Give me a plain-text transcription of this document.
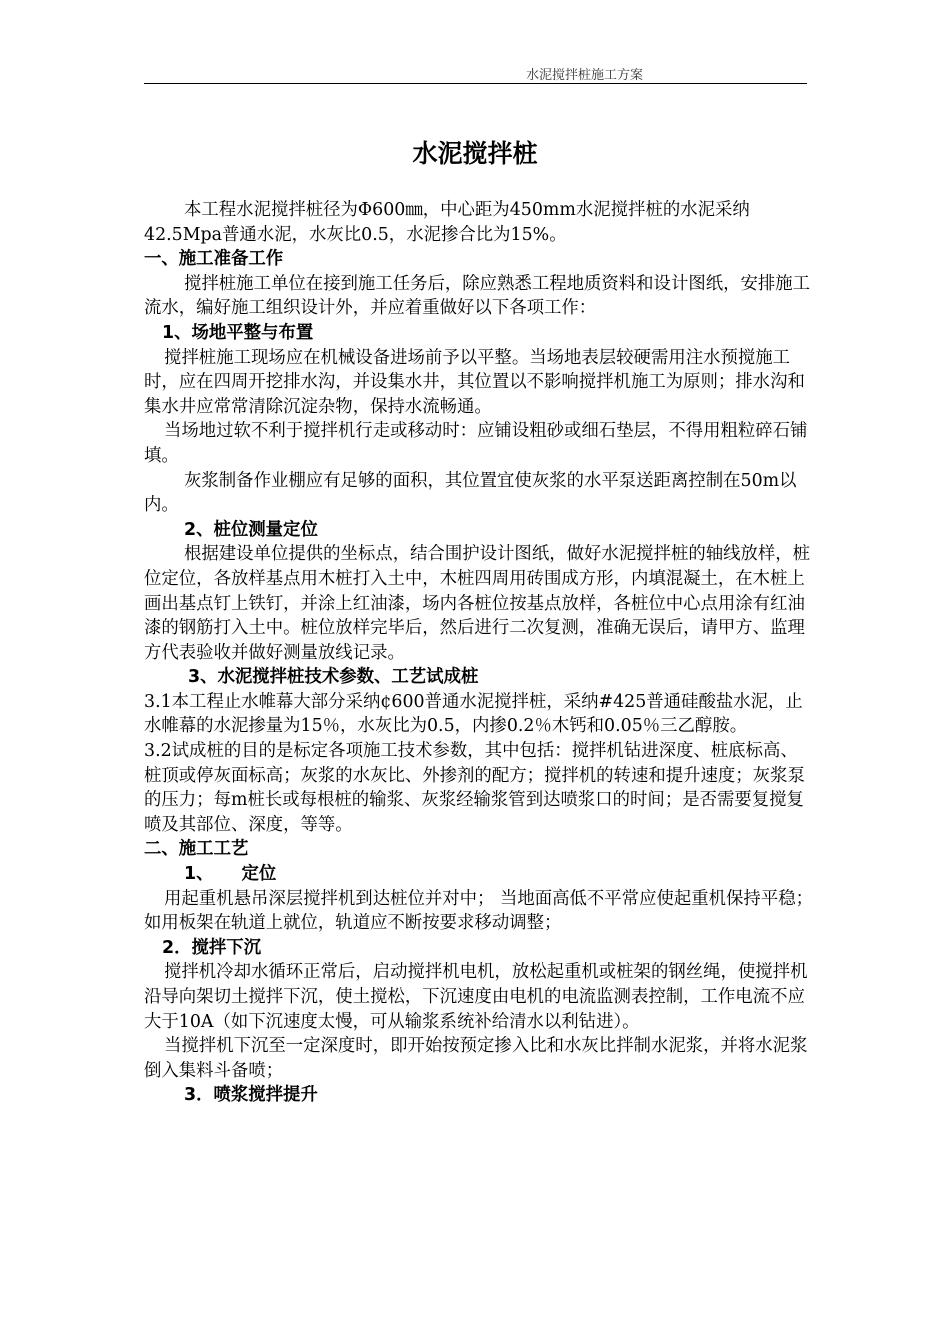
水泥搅拌桩施工方案
水泥搅拌桩

本工程水泥搅拌桩径为Φ600㎜，中心距为450mm水泥搅拌桩的水泥采纳42.5Mpa普通水泥，水灰比0.5，水泥掺合比为15%。

一、施工准备工作

搅拌桩施工单位在接到施工任务后，除应熟悉工程地质资料和设计图纸，安排施工流水，编好施工组织设计外，并应着重做好以下各项工作：

1、场地平整与布置

搅拌桩施工现场应在机械设备进场前予以平整。当场地表层较硬需用注水预搅施工时，应在四周开挖排水沟，并设集水井，其位置以不影响搅拌机施工为原则；排水沟和集水井应常常清除沉淀杂物，保持水流畅通。

当场地过软不利于搅拌机行走或移动时：应铺设粗砂或细石垫层，不得用粗粒碎石铺填。

灰浆制备作业棚应有足够的面积，其位置宜使灰浆的水平泵送距离控制在50m以内。

2、桩位测量定位

根据建设单位提供的坐标点，结合围护设计图纸，做好水泥搅拌桩的轴线放样，桩位定位，各放样基点用木桩打入土中，木桩四周用砖围成方形，内填混凝土，在木桩上画出基点钉上铁钉，并涂上红油漆，场内各桩位按基点放样，各桩位中心点用涂有红油漆的钢筋打入土中。桩位放样完毕后，然后进行二次复测，准确无误后，请甲方、监理方代表验收并做好测量放线记录。

3、水泥搅拌桩技术参数、工艺试成桩

3.1本工程止水帷幕大部分采纳¢600普通水泥搅拌桩，采纳#425普通硅酸盐水泥，止水帷幕的水泥掺量为15％，水灰比为0.5，内掺0.2％木钙和0.05％三乙醇胺。

3.2试成桩的目的是标定各项施工技术参数，其中包括：搅拌机钻进深度、桩底标高、桩顶或停灰面标高；灰浆的水灰比、外掺剂的配方；搅拌机的转速和提升速度；灰浆泵的压力；每m桩长或每根桩的输浆、灰浆经输浆管到达喷浆口的时间；是否需要复搅复喷及其部位、深度，等等。

二、施工工艺

1、 定位

用起重机悬吊深层搅拌机到达桩位并对中； 当地面高低不平常应使起重机保持平稳；如用板架在轨道上就位，轨道应不断按要求移动调整；

2．搅拌下沉

搅拌机冷却水循环正常后，启动搅拌机电机，放松起重机或桩架的钢丝绳，使搅拌机沿导向架切土搅拌下沉，使土搅松，下沉速度由电机的电流监测表控制，工作电流不应大于10A（如下沉速度太慢，可从输浆系统补给清水以利钻进）。

当搅拌机下沉至一定深度时，即开始按预定掺入比和水灰比拌制水泥浆，并将水泥浆倒入集料斗备喷；

3．喷浆搅拌提升
